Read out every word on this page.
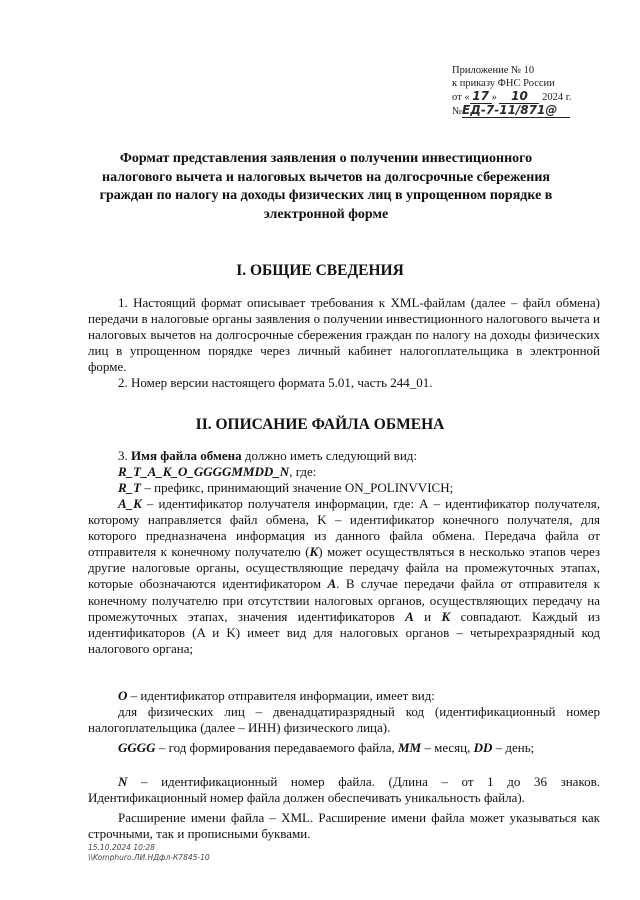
Приложение № 10
к приказу ФНС России
от « 17 » 10 2024 г.
№ЕД-7-11/871@
Формат представления заявления о получении инвестиционного налогового вычета и налоговых вычетов на долгосрочные сбережения граждан по налогу на доходы физических лиц в упрощенном порядке в электронной форме
I. ОБЩИЕ СВЕДЕНИЯ
1. Настоящий формат описывает требования к XML-файлам (далее – файл обмена) передачи в налоговые органы заявления о получении инвестиционного налогового вычета и налоговых вычетов на долгосрочные сбережения граждан по налогу на доходы физических лиц в упрощенном порядке через личный кабинет налогоплательщика в электронной форме.
2. Номер версии настоящего формата 5.01, часть 244_01.
II. ОПИСАНИЕ ФАЙЛА ОБМЕНА
3. Имя файла обмена должно иметь следующий вид:
R_T_A_K_O_GGGGMMDD_N, где:
R_T – префикс, принимающий значение ON_POLINVVICH;
A_K – идентификатор получателя информации, где: А – идентификатор получателя, которому направляется файл обмена, K – идентификатор конечного получателя, для которого предназначена информация из данного файла обмена. Передача файла от отправителя к конечному получателю (K) может осуществляться в несколько этапов через другие налоговые органы, осуществляющие передачу файла на промежуточных этапах, которые обозначаются идентификатором A. В случае передачи файла от отправителя к конечному получателю при отсутствии налоговых органов, осуществляющих передачу на промежуточных этапах, значения идентификаторов A и K совпадают. Каждый из идентификаторов (A и K) имеет вид для налоговых органов – четырехразрядный код налогового органа;
O – идентификатор отправителя информации, имеет вид:
для физических лиц – двенадцатиразрядный код (идентификационный номер налогоплательщика (далее – ИНН) физического лица).
GGGG – год формирования передаваемого файла, MM – месяц, DD – день;
N – идентификационный номер файла. (Длина – от 1 до 36 знаков. Идентификационный номер файла должен обеспечивать уникальность файла).
Расширение имени файла – XML. Расширение имени файла может указываться как строчными, так и прописными буквами.
15.10.2024 10:28
\\Komphuro.ЛИ.НДфл-К7845-10
